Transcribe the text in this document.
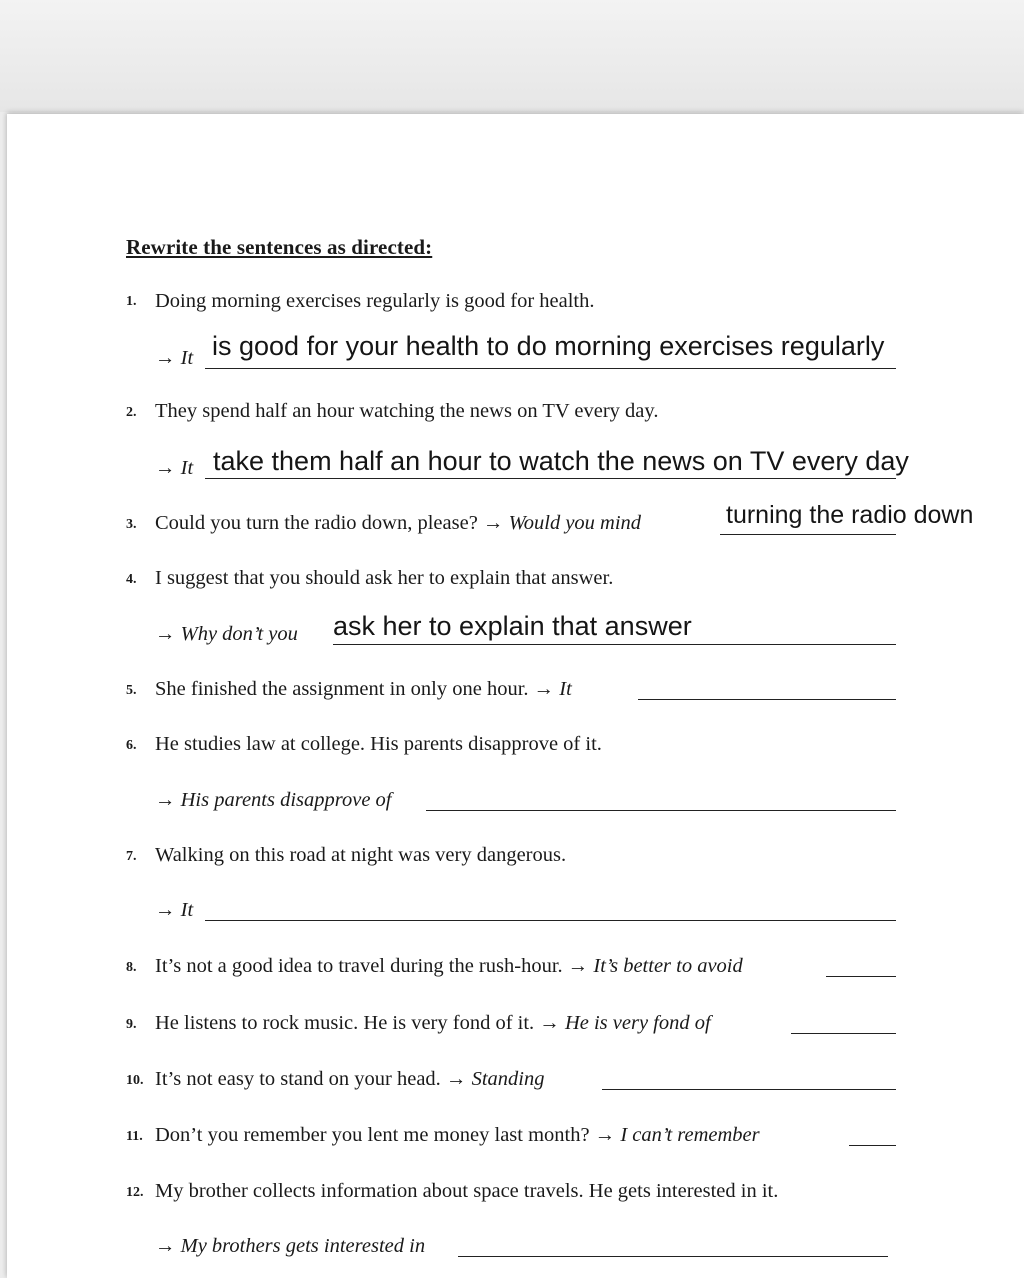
Rewrite the sentences as directed:
1. Doing morning exercises regularly is good for health.
→ It is good for your health to do morning exercises regularly
2. They spend half an hour watching the news on TV every day.
→ It take them half an hour to watch the news on TV every day
3. Could you turn the radio down, please? → Would you mind	turning the radio down
4. I suggest that you should ask her to explain that answer.
→ Why don’t you ask her to explain that answer
5. She finished the assignment in only one hour. → It
6. He studies law at college. His parents disapprove of it.
→ His parents disapprove of
7. Walking on this road at night was very dangerous.
→ It
8. It’s not a good idea to travel during the rush-hour. → It’s better to avoid
9. He listens to rock music. He is very fond of it. → He is very fond of
10. It’s not easy to stand on your head. → Standing
11. Don’t you remember you lent me money last month? → I can’t remember
12. My brother collects information about space travels. He gets interested in it.
→ My brothers gets interested in
